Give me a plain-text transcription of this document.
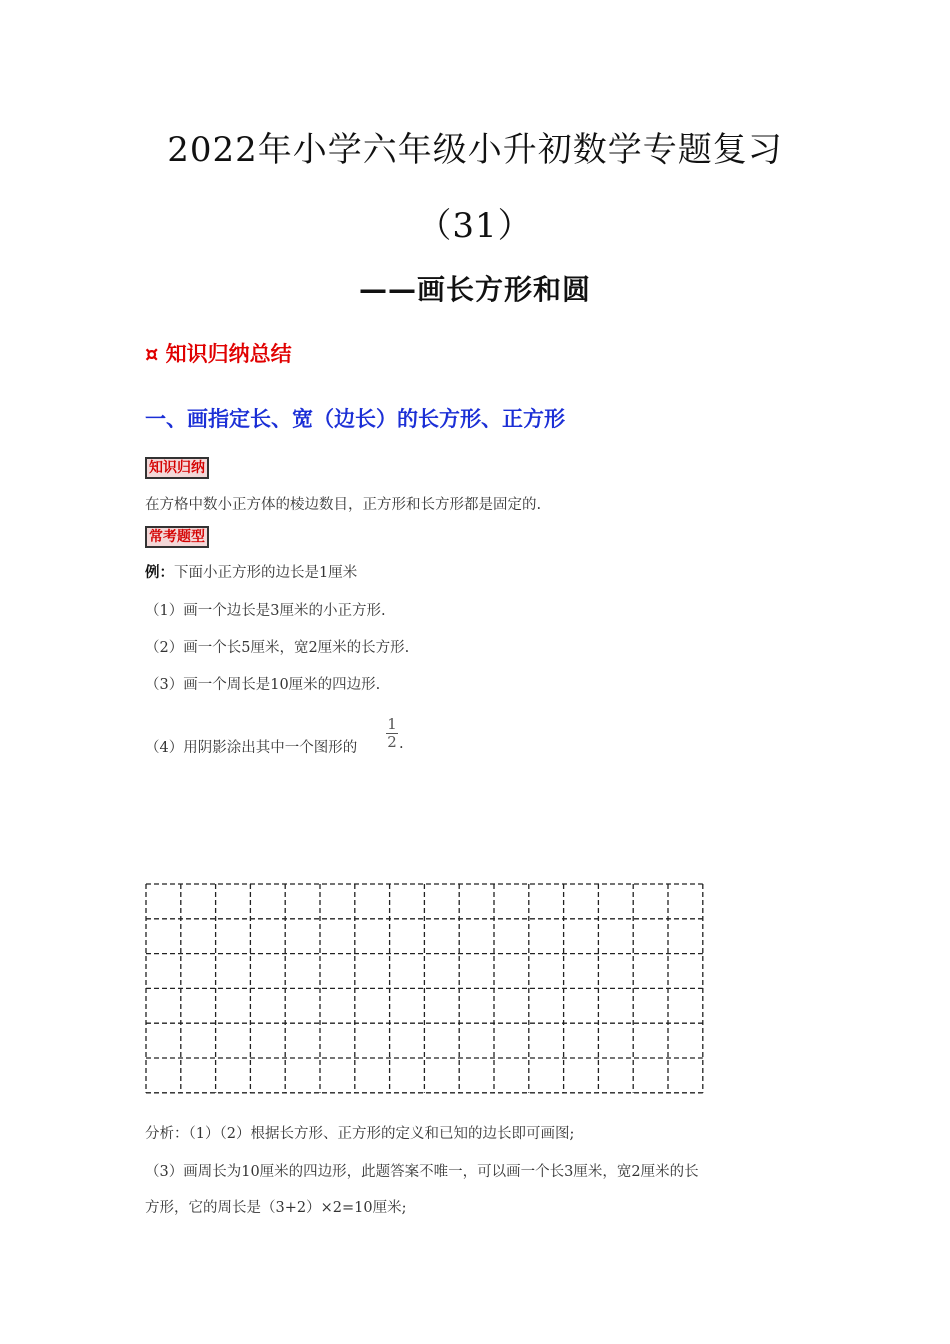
2022年小学六年级小升初数学专题复习
（31）
——画长方形和圆
¤ 知识归纳总结
一、画指定长、宽（边长）的长方形、正方形
知识归纳
在方格中数小正方体的棱边数目，正方形和长方形都是固定的.
常考题型
例：下面小正方形的边长是1厘米
（1）画一个边长是3厘米的小正方形.
（2）画一个长5厘米，宽2厘米的长方形.
（3）画一个周长是10厘米的四边形.
（4）用阴影涂出其中一个图形的
1
2 .
分析：（1）（2）根据长方形、正方形的定义和已知的边长即可画图;
（3）画周长为10厘米的四边形，此题答案不唯一，可以画一个长3厘米，宽2厘米的长
方形，它的周长是（3+2）×2=10厘米;
